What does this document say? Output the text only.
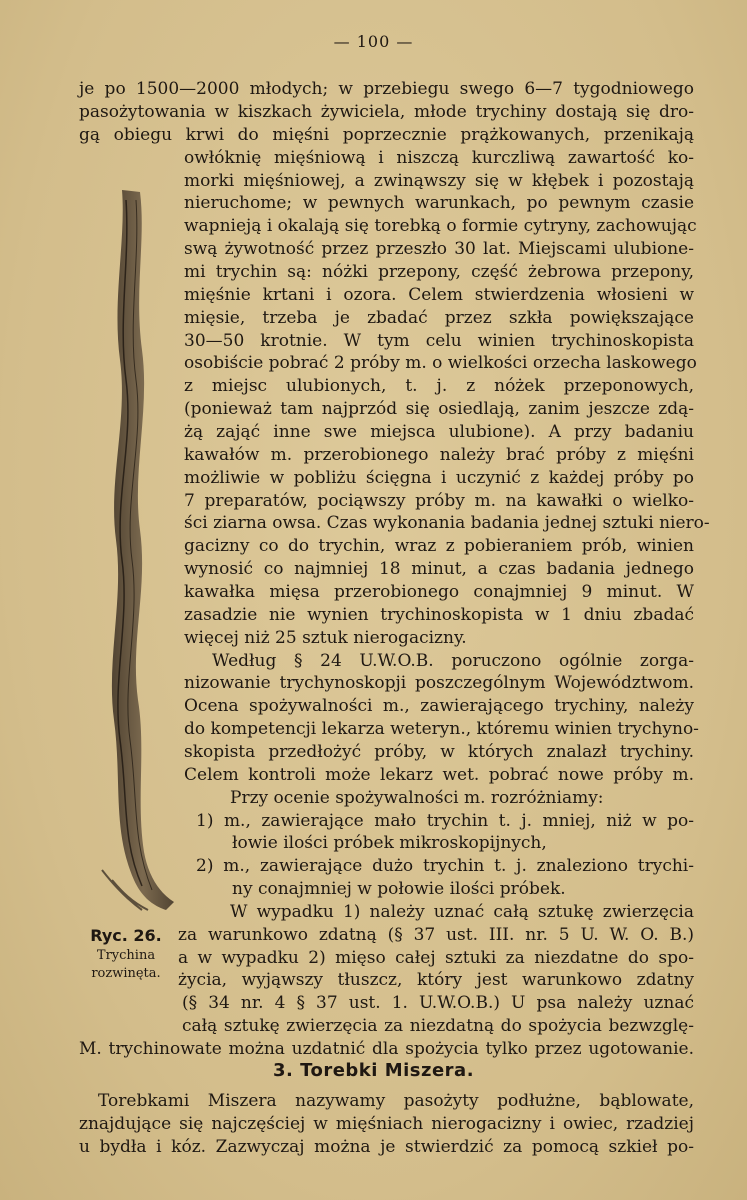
— 100 —
je po 1500—2000 młodych; w przebiegu swego 6—7 tygodniowego
pasożytowania w kiszkach żywiciela, młode trychiny dostają się dro-
gą obiegu krwi do mięśni poprzecznie prążkowanych, przenikają
owłóknię mięśniową i niszczą kurczliwą zawartość ko-
morki mięśniowej, a zwinąwszy się w kłębek i pozostają
nieruchome; w pewnych warunkach, po pewnym czasie
wapnieją i okalają się torebką o formie cytryny, zachowując
swą żywotność przez przeszło 30 lat. Miejscami ulubione-
mi trychin są: nóżki przepony, część żebrowa przepony,
mięśnie krtani i ozora. Celem stwierdzenia włosieni w
mięsie, trzeba je zbadać przez szkła powiększające
30—50 krotnie. W tym celu winien trychinoskopista
osobiście pobrać 2 próby m. o wielkości orzecha laskowego
z miejsc ulubionych, t. j. z nóżek przeponowych,
(ponieważ tam najprzód się osiedlają, zanim jeszcze zdą-
żą zająć inne swe miejsca ulubione). A przy badaniu
kawałów m. przerobionego należy brać próby z mięśni
możliwie w pobliżu ścięgna i uczynić z każdej próby po
7 preparatów, pociąwszy próby m. na kawałki o wielko-
ści ziarna owsa. Czas wykonania badania jednej sztuki nierо-
gacizny co do trychin, wraz z pobieraniem prób, winien
wynosić co najmniej 18 minut, a czas badania jednego
kawałka mięsa przerobionego conajmniej 9 minut. W
zasadzie nie wynien trychinoskopista w 1 dniu zbadać
więcej niż 25 sztuk nierogacizny.
Według § 24 U.W.O.B. poruczono ogólnie zorga-
nizowanie trychynoskopji poszczególnym Województwom.
Ocena spożywalności m., zawierającego trychiny, należy
do kompetencji lekarza weteryn., któremu winien trychyno-
skopista przedłożyć próby, w których znalazł trychiny.
Celem kontroli może lekarz wet. pobrać nowe próby m.
Przy ocenie spożywalności m. rozróżniamy:
1) m., zawierające mało trychin t. j. mniej, niż w po-
łowie ilości próbek mikroskopijnych,
2) m., zawierające dużo trychin t. j. znaleziono trychi-
ny conajmniej w połowie ilości próbek.
W wypadku 1) należy uznać całą sztukę zwierzęcia
za warunkowo zdatną (§ 37 ust. III. nr. 5 U. W. O. B.)
a w wypadku 2) mięso całej sztuki za niezdatne do spo-
życia, wyjąwszy tłuszcz, który jest warunkowo zdatny
(§ 34 nr. 4 § 37 ust. 1. U.W.O.B.) U psa należy uznać
całą sztukę zwierzęcia za niezdatną do spożycia bezwzglę-
Ryc. 26.
Trychina
rozwinęta.
3. Torebki Miszera.
Torebkami Miszera nazywamy pasożyty podłużne, bąblowate,
znajdujące się najczęściej w mięśniach nierogacizny i owiec, rzadziej
u bydła i kóz. Zazwyczaj można je stwierdzić za pomocą szkieł po-
M. trychinowate można uzdatnić dla spożycia tylko przez ugotowanie.
